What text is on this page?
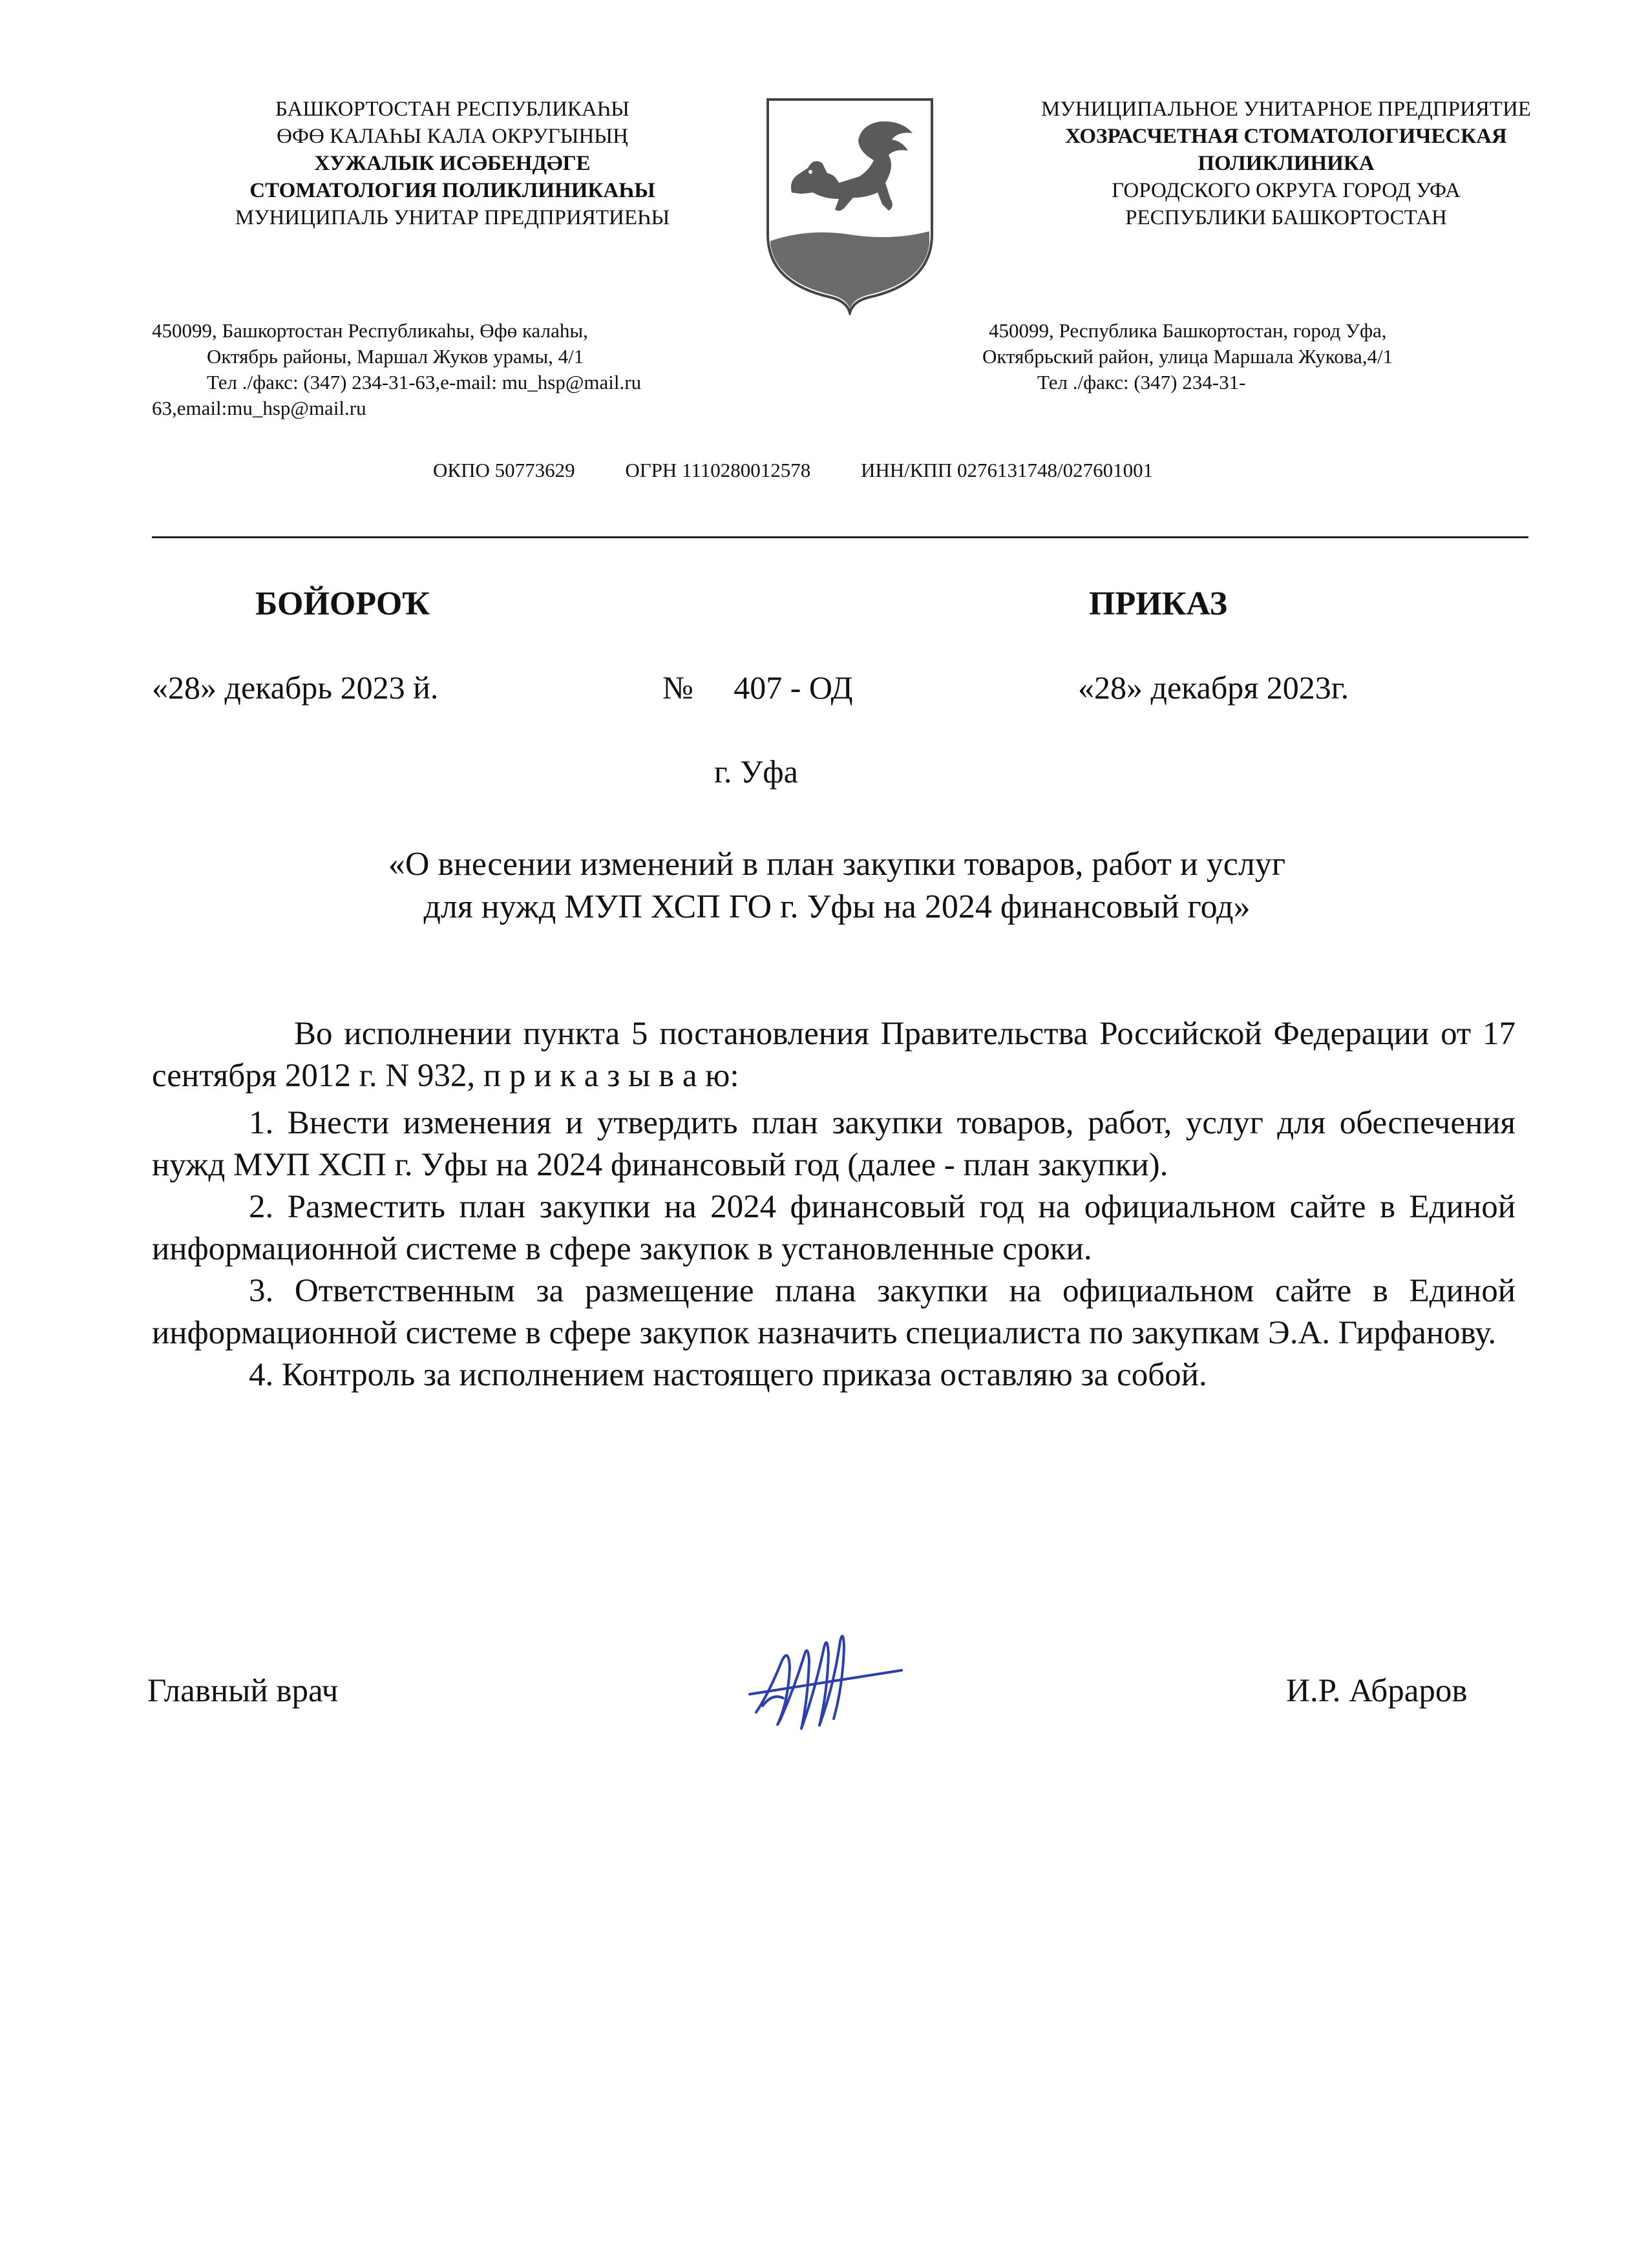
БАШКОРТОСТАН РЕСПУБЛИКАҺЫ
ӨФӨ КАЛАҺЫ КАЛА ОКРУГЫНЫҢ
ХУЖАЛЫК ИСӘБЕНДӘГЕ
СТОМАТОЛОГИЯ ПОЛИКЛИНИКАҺЫ
МУНИЦИПАЛЬ УНИТАР ПРЕДПРИЯТИЕҺЫ
МУНИЦИПАЛЬНОЕ УНИТАРНОЕ ПРЕДПРИЯТИЕ
ХОЗРАСЧЕТНАЯ СТОМАТОЛОГИЧЕСКАЯ
ПОЛИКЛИНИКА
ГОРОДСКОГО ОКРУГА ГОРОД УФА
РЕСПУБЛИКИ БАШКОРТОСТАН
450099, Башкортостан Республикаһы, Өфө калаһы,
Октябрь районы, Маршал Жуков урамы, 4/1
Тел ./факс: (347) 234-31-63,e-mail: mu_hsp@mail.ru
63,email:mu_hsp@mail.ru
450099, Республика Башкортостан, город Уфа,
Октябрьский район, улица Маршала Жукова,4/1
Тел ./факс: (347) 234-31-
ОКПО 50773629	ОГРН 1110280012578	ИНН/КПП 0276131748/027601001
БОЙОРОҠ	ПРИКАЗ
«28» декабрь 2023 й.	№ 407 - ОД	«28» декабря 2023г.
г. Уфа
«О внесении изменений в план закупки товаров, работ и услуг
для нужд МУП ХСП ГО г. Уфы на 2024 финансовый год»

Во исполнении пункта 5 постановления Правительства Российской Федерации от 17 сентября 2012 г. N 932, п р и к а з ы в а ю:

1. Внести изменения и утвердить план закупки товаров, работ, услуг для обеспечения нужд МУП ХСП г. Уфы на 2024 финансовый год (далее - план закупки).

2. Разместить план закупки на 2024 финансовый год на официальном сайте в Единой информационной системе в сфере закупок в установленные сроки.

3. Ответственным за размещение плана закупки на официальном сайте в Единой информационной системе в сфере закупок назначить специалиста по закупкам Э.А. Гирфанову.

4. Контроль за исполнением настоящего приказа оставляю за собой.

Главный врач	И.Р. Абраров
